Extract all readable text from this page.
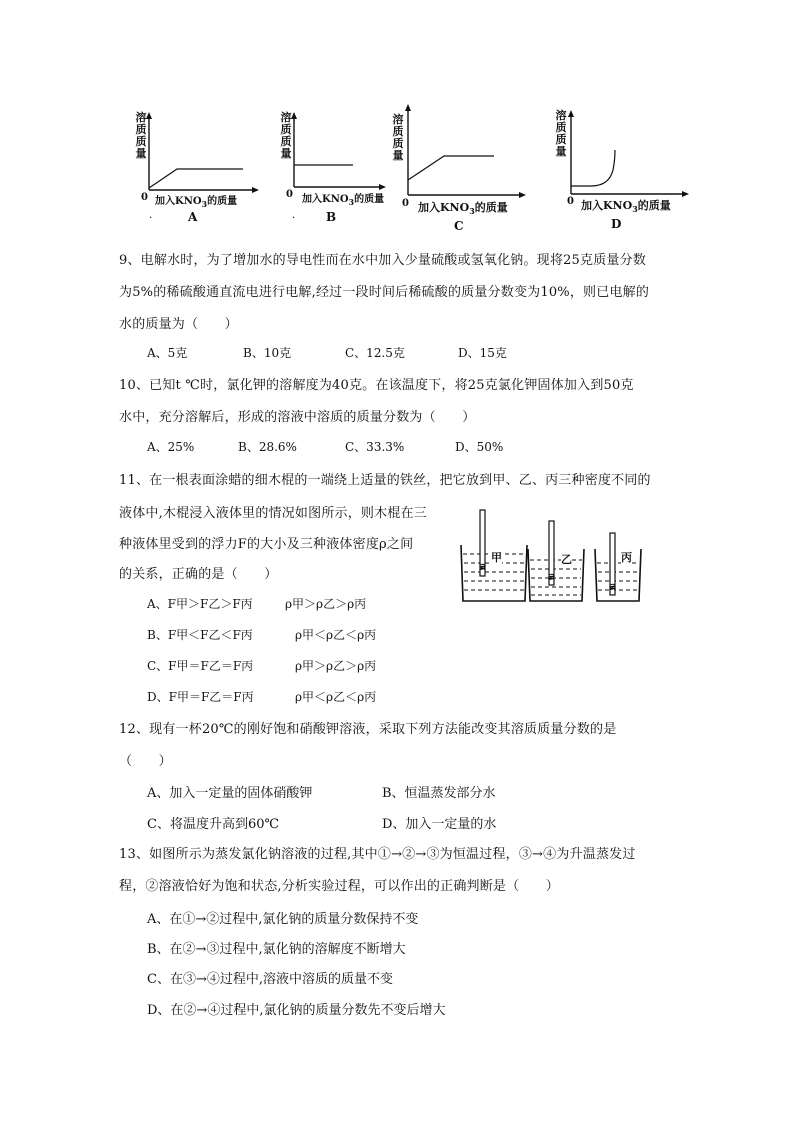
溶质质量
0 加入$KNO_3$的质量
·	A
溶质质量
0 加入$KNO_3$的质量
·	B
溶质质量
0 加入$KNO_3$的质量
C
溶质质量
0 加入$KNO_3$的质量
D
9、电解水时，为了增加水的导电性而在水中加入少量硫酸或氢氧化钠。现将25克质量分数
为5%的稀硫酸通直流电进行电解,经过一段时间后稀硫酸的质量分数变为10%，则已电解的
水的质量为（　　）
A、5克	B、10克	C、12.5克	D、15克
10、已知t ℃时，氯化钾的溶解度为40克。在该温度下，将25克氯化钾固体加入到50克
水中，充分溶解后，形成的溶液中溶质的质量分数为（　　）
A、25%	B、28.6%	C、33.3%	D、50%
11、在一根表面涂蜡的细木棍的一端绕上适量的铁丝，把它放到甲、乙、丙三种密度不同的
液体中,木棍浸入液体里的情况如图所示，则木棍在三
种液体里受到的浮力F的大小及三种液体密度ρ之间
的关系，正确的是（　　）
甲	乙	丙
A、F甲＞F乙＞F丙	ρ甲＞ρ乙＞ρ丙
B、F甲＜F乙＜F丙	ρ甲＜ρ乙＜ρ丙
C、F甲＝F乙＝F丙	ρ甲＞ρ乙＞ρ丙
D、F甲＝F乙＝F丙	ρ甲＜ρ乙＜ρ丙
12、现有一杯20℃的刚好饱和硝酸钾溶液，采取下列方法能改变其溶质质量分数的是
（　　）
A、加入一定量的固体硝酸钾	B、恒温蒸发部分水
C、将温度升高到60℃	D、加入一定量的水
13、如图所示为蒸发氯化钠溶液的过程,其中①→②→③为恒温过程，③→④为升温蒸发过
程，②溶液恰好为饱和状态,分析实验过程，可以作出的正确判断是（　　）
A、在①→②过程中,氯化钠的质量分数保持不变
B、在②→③过程中,氯化钠的溶解度不断增大
C、在③→④过程中,溶液中溶质的质量不变
D、在②→④过程中,氯化钠的质量分数先不变后增大
